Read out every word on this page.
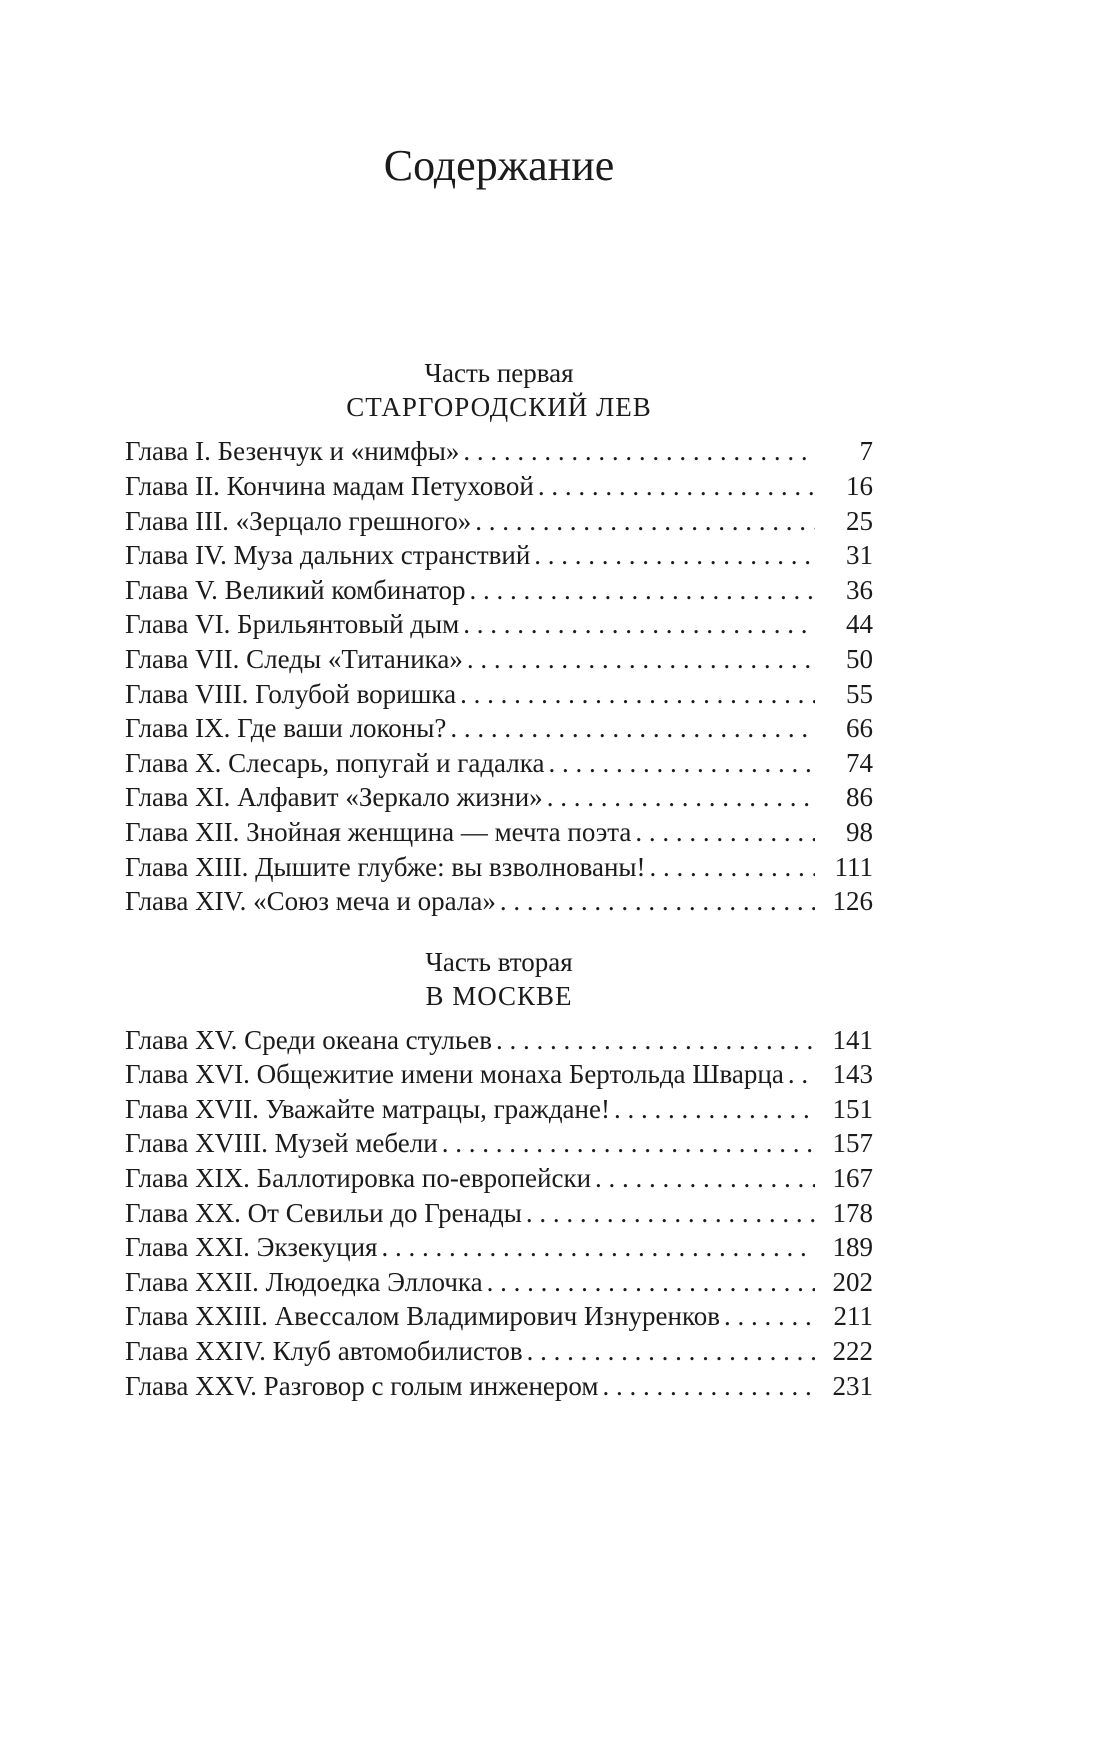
Содержание
Часть первая
СТАРГОРОДСКИЙ ЛЕВ
Глава I. Безенчук и «нимфы» . . .	7
Глава II. Кончина мадам Петуховой . . .	16
Глава III. «Зерцало грешного» . . .	25
Глава IV. Муза дальних странствий . . .	31
Глава V. Великий комбинатор . . .	36
Глава VI. Брильянтовый дым . . .	44
Глава VII. Следы «Титаника» . . .	50
Глава VIII. Голубой воришка . . .	55
Глава IX. Где ваши локоны? . . .	66
Глава X. Слесарь, попугай и гадалка . . .	74
Глава XI. Алфавит «Зеркало жизни» . . .	86
Глава XII. Знойная женщина — мечта поэта . . .	98
Глава XIII. Дышите глубже: вы взволнованы! . . .	111
Глава XIV. «Союз меча и орала» . . .	126
Часть вторая
В МОСКВЕ
Глава XV. Среди океана стульев . . .	141
Глава XVI. Общежитие имени монаха Бертольда Шварца . . .	143
Глава XVII. Уважайте матрацы, граждане! . . .	151
Глава XVIII. Музей мебели . . .	157
Глава XIX. Баллотировка по-европейски . . .	167
Глава XX. От Севильи до Гренады . . .	178
Глава XXI. Экзекуция . . .	189
Глава XXII. Людоедка Эллочка . . .	202
Глава XXIII. Авессалом Владимирович Изнуренков . . .	211
Глава XXIV. Клуб автомобилистов . . .	222
Глава XXV. Разговор с голым инженером . . .	231
